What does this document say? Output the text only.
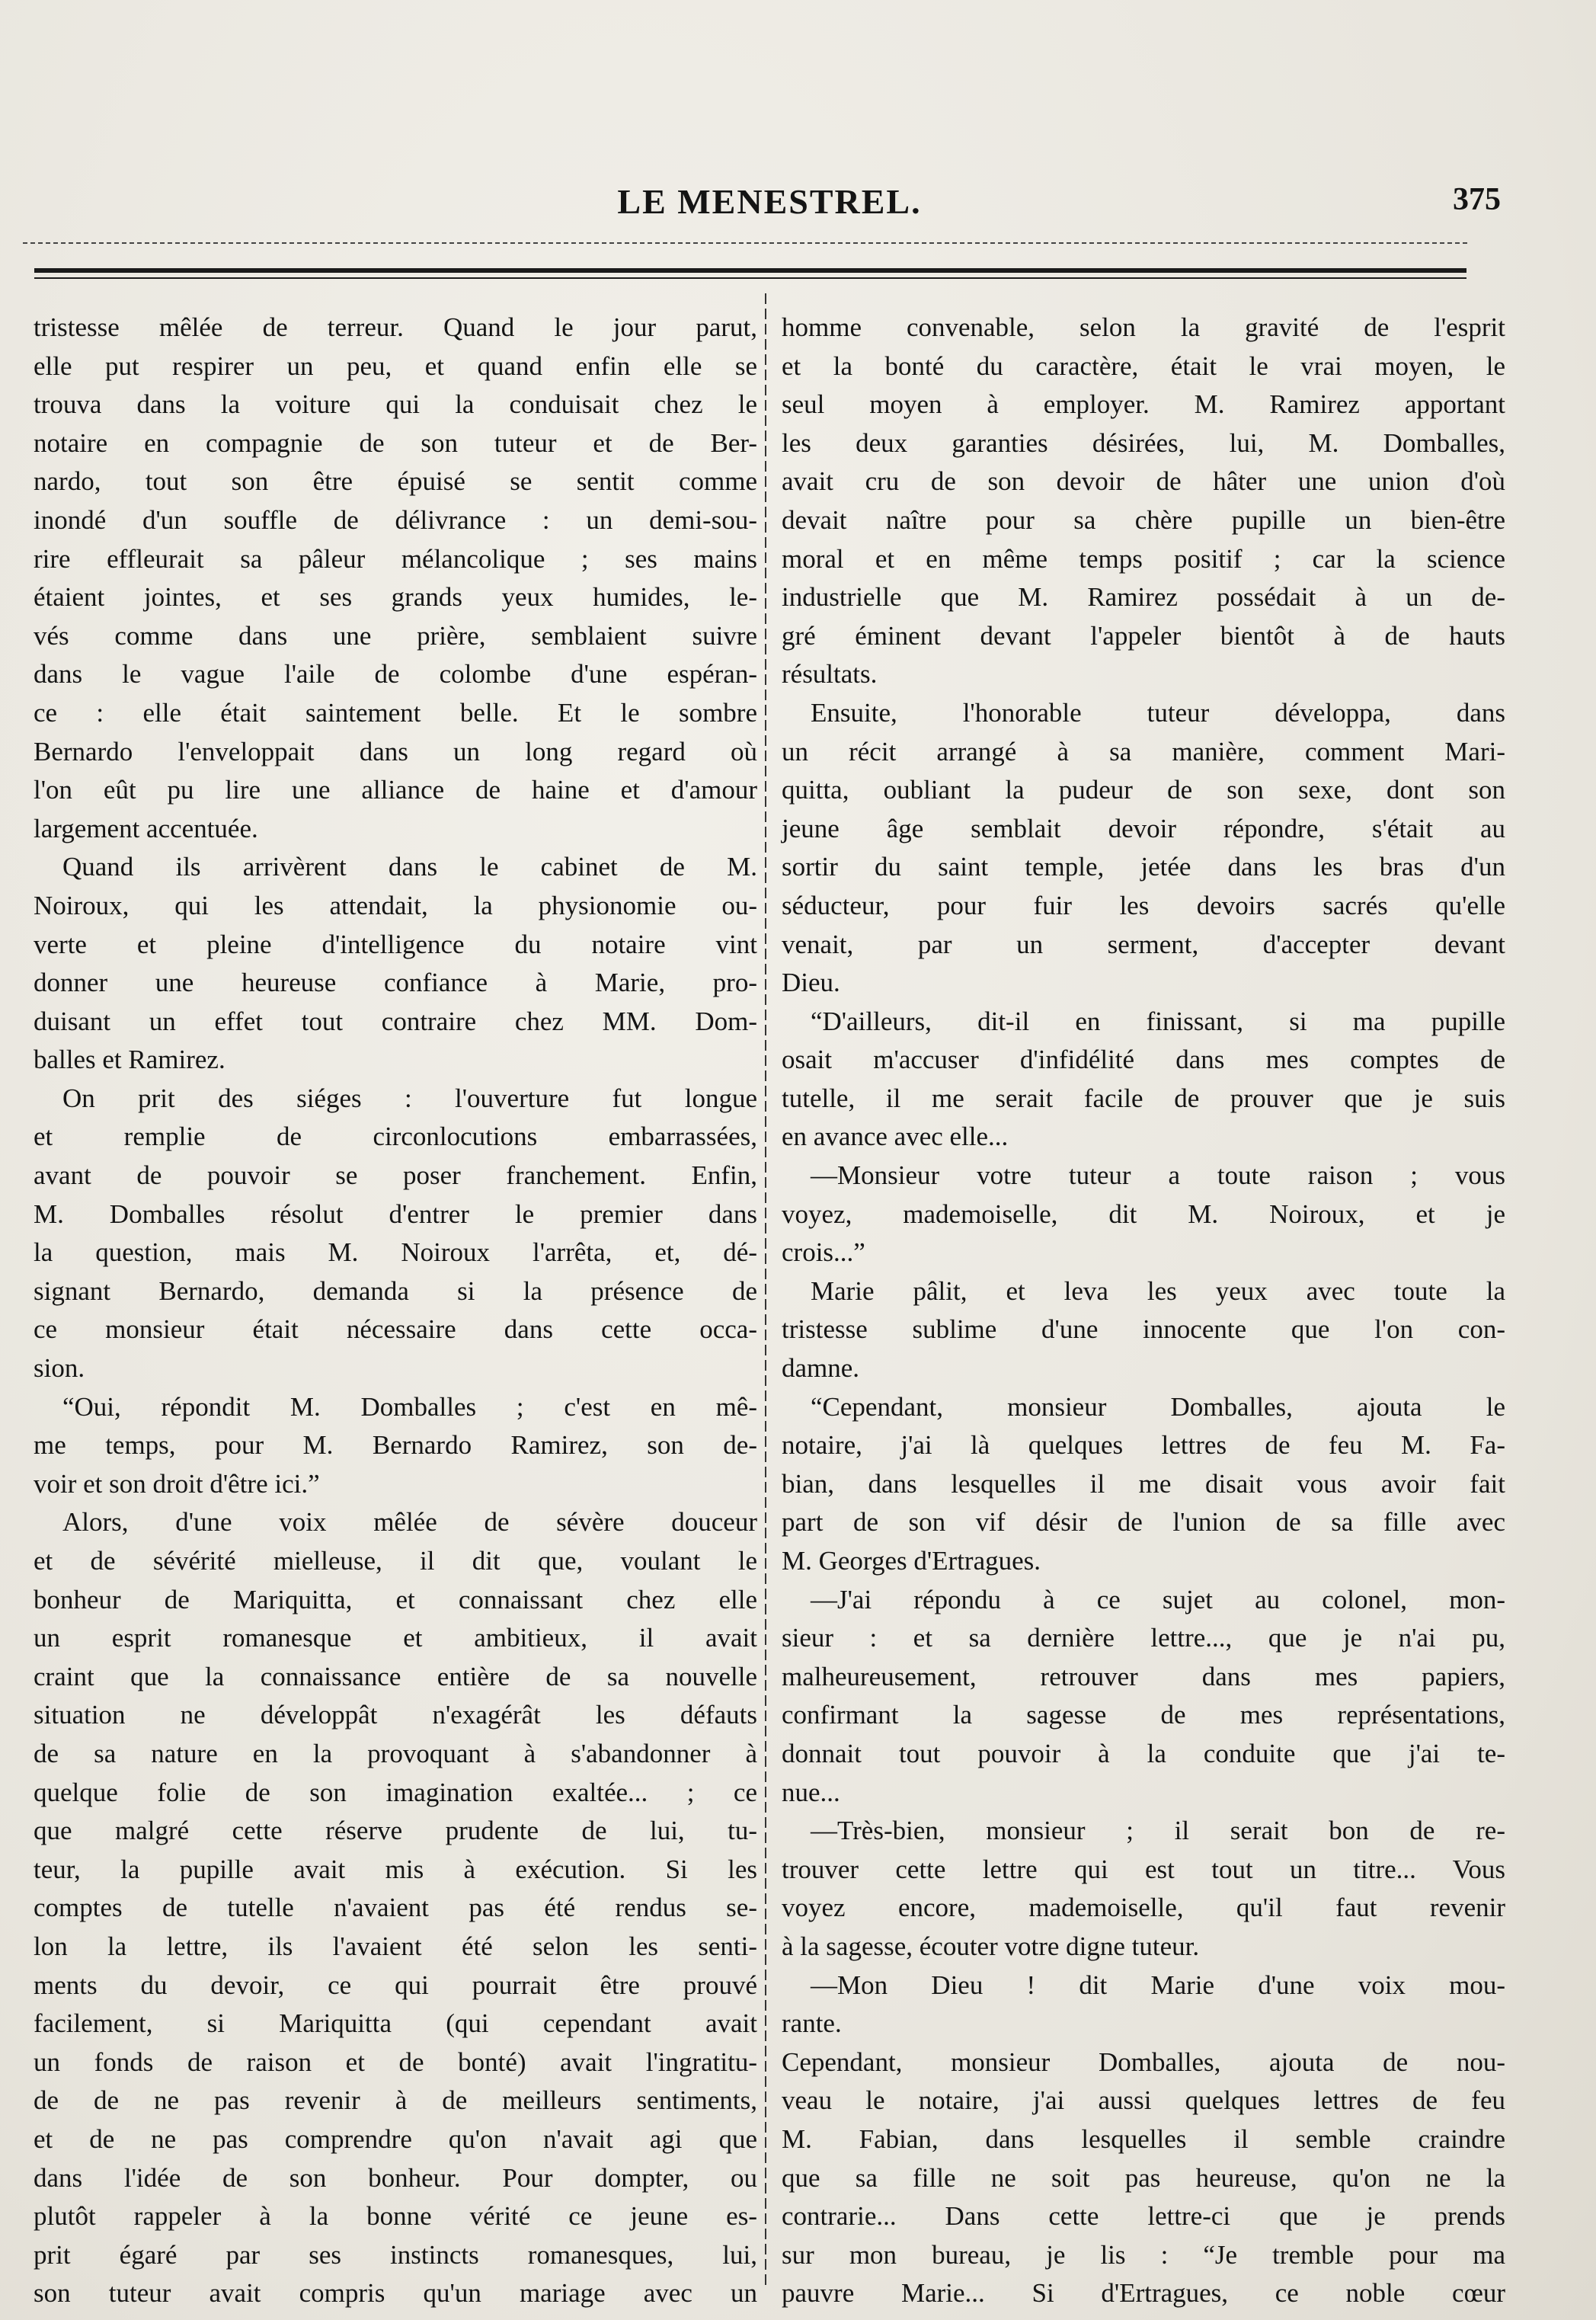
LE MENESTREL.	375
tristesse mêlée de terreur. Quand le jour parut,
elle put respirer un peu, et quand enfin elle se
trouva dans la voiture qui la conduisait chez le
notaire en compagnie de son tuteur et de Ber-
nardo, tout son être épuisé se sentit comme
inondé d'un souffle de délivrance : un demi-sou-
rire effleurait sa pâleur mélancolique ; ses mains
étaient jointes, et ses grands yeux humides, le-
vés comme dans une prière, semblaient suivre
dans le vague l'aile de colombe d'une espéran-
ce : elle était saintement belle. Et le sombre
Bernardo l'enveloppait dans un long regard où
l'on eût pu lire une alliance de haine et d'amour
largement accentuée.
Quand ils arrivèrent dans le cabinet de M.
Noiroux, qui les attendait, la physionomie ou-
verte et pleine d'intelligence du notaire vint
donner une heureuse confiance à Marie, pro-
duisant un effet tout contraire chez MM. Dom-
balles et Ramirez.
On prit des siéges : l'ouverture fut longue
et remplie de circonlocutions embarrassées,
avant de pouvoir se poser franchement. Enfin,
M. Domballes résolut d'entrer le premier dans
la question, mais M. Noiroux l'arrêta, et, dé-
signant Bernardo, demanda si la présence de
ce monsieur était nécessaire dans cette occa-
sion.
“Oui, répondit M. Domballes ; c'est en mê-
me temps, pour M. Bernardo Ramirez, son de-
voir et son droit d'être ici.”
Alors, d'une voix mêlée de sévère douceur
et de sévérité mielleuse, il dit que, voulant le
bonheur de Mariquitta, et connaissant chez elle
un esprit romanesque et ambitieux, il avait
craint que la connaissance entière de sa nouvelle
situation ne développât n'exagérât les défauts
de sa nature en la provoquant à s'abandonner à
quelque folie de son imagination exaltée... ; ce
que malgré cette réserve prudente de lui, tu-
teur, la pupille avait mis à exécution. Si les
comptes de tutelle n'avaient pas été rendus se-
lon la lettre, ils l'avaient été selon les senti-
ments du devoir, ce qui pourrait être prouvé
facilement, si Mariquitta (qui cependant avait
un fonds de raison et de bonté) avait l'ingratitu-
de de ne pas revenir à de meilleurs sentiments,
et de ne pas comprendre qu'on n'avait agi que
dans l'idée de son bonheur. Pour dompter, ou
plutôt rappeler à la bonne vérité ce jeune es-
prit égaré par ses instincts romanesques, lui,
son tuteur avait compris qu'un mariage avec un
homme convenable, selon la gravité de l'esprit
et la bonté du caractère, était le vrai moyen, le
seul moyen à employer. M. Ramirez apportant
les deux garanties désirées, lui, M. Domballes,
avait cru de son devoir de hâter une union d'où
devait naître pour sa chère pupille un bien-être
moral et en même temps positif ; car la science
industrielle que M. Ramirez possédait à un de-
gré éminent devant l'appeler bientôt à de hauts
résultats.
Ensuite, l'honorable tuteur développa, dans
un récit arrangé à sa manière, comment Mari-
quitta, oubliant la pudeur de son sexe, dont son
jeune âge semblait devoir répondre, s'était au
sortir du saint temple, jetée dans les bras d'un
séducteur, pour fuir les devoirs sacrés qu'elle
venait, par un serment, d'accepter devant
Dieu.
“D'ailleurs, dit-il en finissant, si ma pupille
osait m'accuser d'infidélité dans mes comptes de
tutelle, il me serait facile de prouver que je suis
en avance avec elle...
—Monsieur votre tuteur a toute raison ; vous
voyez, mademoiselle, dit M. Noiroux, et je
crois...”
Marie pâlit, et leva les yeux avec toute la
tristesse sublime d'une innocente que l'on con-
damne.
“Cependant, monsieur Domballes, ajouta le
notaire, j'ai là quelques lettres de feu M. Fa-
bian, dans lesquelles il me disait vous avoir fait
part de son vif désir de l'union de sa fille avec
M. Georges d'Ertragues.
—J'ai répondu à ce sujet au colonel, mon-
sieur : et sa dernière lettre..., que je n'ai pu,
malheureusement, retrouver dans mes papiers,
confirmant la sagesse de mes représentations,
donnait tout pouvoir à la conduite que j'ai te-
nue...
—Très-bien, monsieur ; il serait bon de re-
trouver cette lettre qui est tout un titre... Vous
voyez encore, mademoiselle, qu'il faut revenir
à la sagesse, écouter votre digne tuteur.
—Mon Dieu ! dit Marie d'une voix mou-
rante.
Cependant, monsieur Domballes, ajouta de nou-
veau le notaire, j'ai aussi quelques lettres de feu
M. Fabian, dans lesquelles il semble craindre
que sa fille ne soit pas heureuse, qu'on ne la
contrarie... Dans cette lettre-ci que je prends
sur mon bureau, je lis : “Je tremble pour ma
pauvre Marie... Si d'Ertragues, ce noble cœur
